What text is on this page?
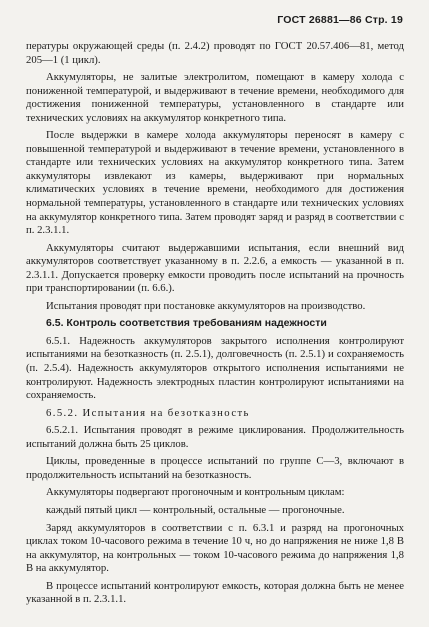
ГОСТ 26881—86 Стр. 19

пературы окружающей среды (п. 2.4.2) проводят по ГОСТ 20.57.406—81, метод 205—1 (1 цикл).

Аккумуляторы, не залитые электролитом, помещают в камеру холода с пониженной температурой, и выдерживают в течение времени, необходимого для достижения пониженной температуры, установленного в стандарте или технических условиях на аккумулятор конкретного типа.

После выдержки в камере холода аккумуляторы переносят в камеру с повышенной температурой и выдерживают в течение времени, установленного в стандарте или технических условиях на аккумулятор конкретного типа. Затем аккумуляторы извлекают из камеры, выдерживают при нормальных климатических условиях в течение времени, необходимого для достижения нормальной температуры, установленного в стандарте или технических условиях на аккумулятор конкретного типа. Затем проводят заряд и разряд в соответствии с п. 2.3.1.1.

Аккумуляторы считают выдержавшими испытания, если внешний вид аккумуляторов соответствует указанному в п. 2.2.6, а емкость — указанной в п. 2.3.1.1. Допускается проверку емкости проводить после испытаний на прочность при транспортировании (п. 6.6.).

Испытания проводят при постановке аккумуляторов на производство.

6.5. Контроль соответствия требованиям надежности

6.5.1. Надежность аккумуляторов закрытого исполнения контролируют испытаниями на безотказность (п. 2.5.1), долговечность (п. 2.5.1) и сохраняемость (п. 2.5.4). Надежность аккумуляторов открытого исполнения испытаниями не контролируют. Надежность электродных пластин контролируют испытаниями на сохраняемость.

6.5.2. Испытания на безотказность

6.5.2.1. Испытания проводят в режиме циклирования. Продолжительность испытаний должна быть 25 циклов.

Циклы, проведенные в процессе испытаний по группе С—3, включают в продолжительность испытаний на безотказность.

Аккумуляторы подвергают прогоночным и контрольным циклам:

каждый пятый цикл — контрольный, остальные — прогоночные.

Заряд аккумуляторов в соответствии с п. 6.3.1 и разряд на прогоночных циклах током 10-часового режима в течение 10 ч, но до напряжения не ниже 1,8 В на аккумулятор, на контрольных — током 10-часового режима до напряжения 1,8 В на аккумулятор.

В процессе испытаний контролируют емкость, которая должна быть не менее указанной в п. 2.3.1.1.
